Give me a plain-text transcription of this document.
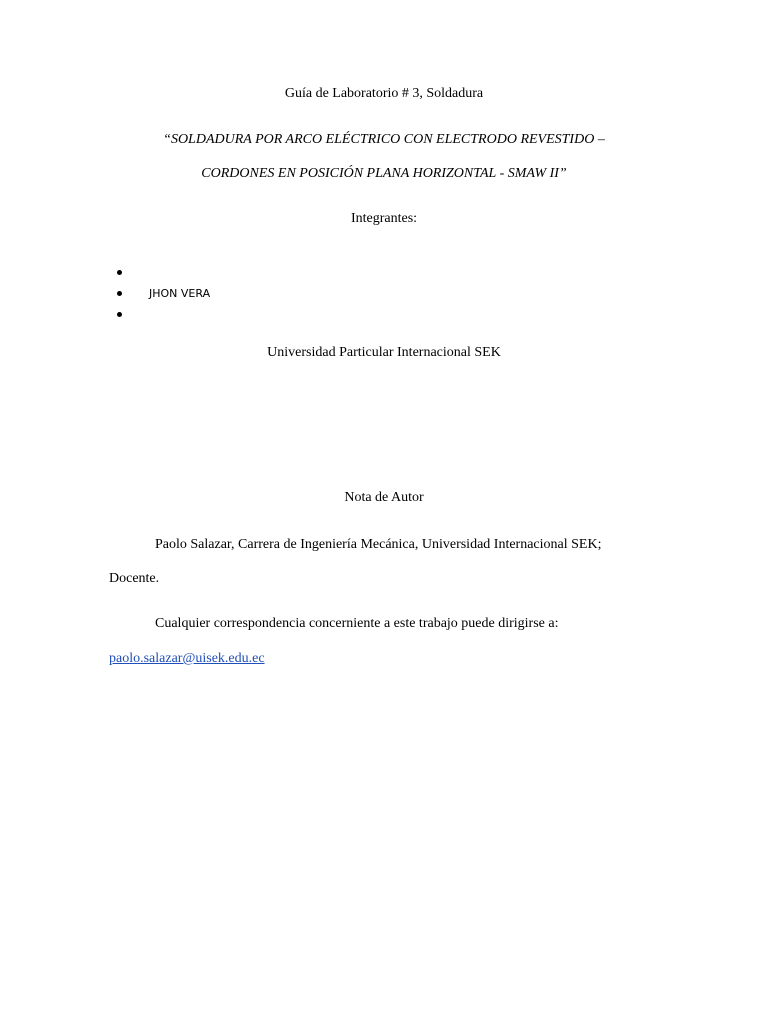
Guía de Laboratorio # 3, Soldadura
“SOLDADURA POR ARCO ELÉCTRICO CON ELECTRODO REVESTIDO –
CORDONES EN POSICIÓN PLANA HORIZONTAL - SMAW II”
Integrantes:
JHON VERA
Universidad Particular Internacional SEK
Nota de Autor
Paolo Salazar, Carrera de Ingeniería Mecánica, Universidad Internacional SEK;
Docente.
Cualquier correspondencia concerniente a este trabajo puede dirigirse a:
paolo.salazar@uisek.edu.ec
